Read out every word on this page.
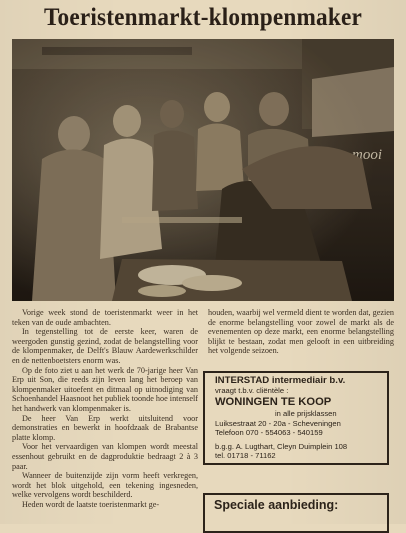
Toeristenmarkt-klompenmaker

Vorige week stond de toeristenmarkt weer in het teken van de oude ambachten.

In tegenstelling tot de eerste keer, waren de weergoden gunstig gezind, zodat de belangstelling voor de klompenmaker, de Delft's Blauw Aardewerkschilder en de nettenboetsters enorm was.

Op de foto ziet u aan het werk de 70-jarige heer Van Erp uit Son, die reeds zijn leven lang het beroep van klompenmaker uitoefent en ditmaal op uitnodiging van Schoenhandel Haasnoot het publiek toonde hoe intenself het handwerk van klompenmaker is.

De heer Van Erp werkt uitsluitend voor demonstraties en bewerkt in hoofdzaak de Brabantse platte klomp.

Voor het vervaardigen van klompen wordt meestal essenhout gebruikt en de dagproduktie bedraagt 2 à 3 paar.

Wanneer de buitenzijde zijn vorm heeft verkregen, wordt het blok uitgehold, een tekening ingesneden, welke vervolgens wordt beschilderd.

Heden wordt de laatste toeristenmarkt ge-

houden, waarbij wel vermeld dient te worden dat, gezien de enorme belangstelling voor zowel de markt als de evenementen op deze markt, een enorme belangstelling blijkt te bestaan, zodat men gelooft in een uitbreiding het volgende seizoen.

INTERSTAD intermediair b.v.
vraagt t.b.v. cliëntèle :
WONINGEN TE KOOP
in alle prijsklassen
Luiksestraat 20 - 20a - Scheveningen
Telefoon 070 - 554063 - 540159
b.g.g. A. Lugthart, Cleyn Duimplein 108
tel. 01718 - 71162
Speciale aanbieding:
